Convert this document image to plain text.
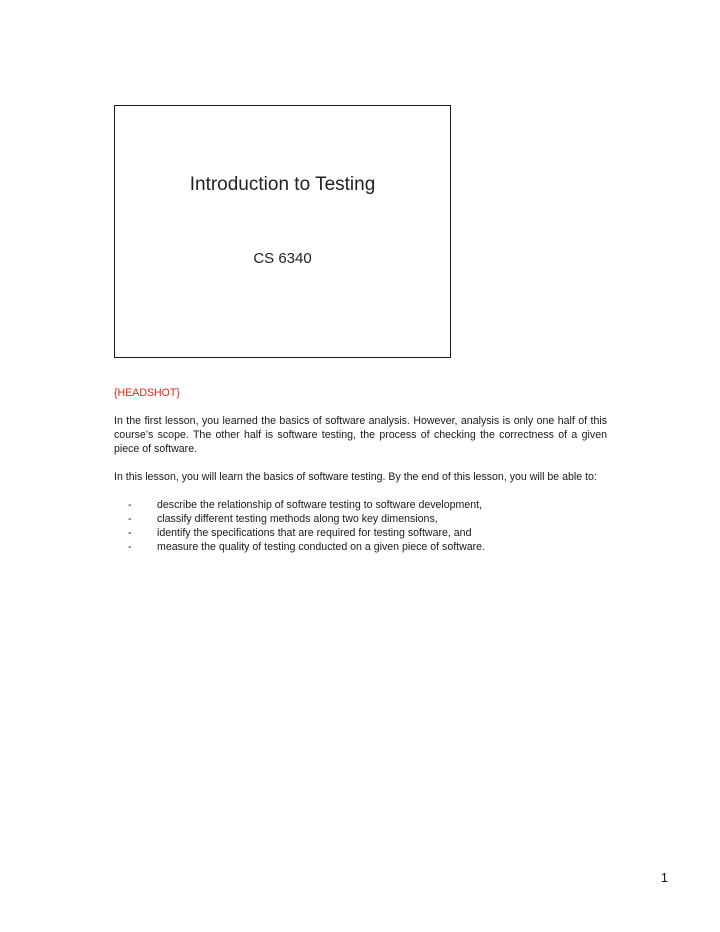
Introduction to Testing
CS 6340

{HEADSHOT}

In the first lesson, you learned the basics of software analysis. However, analysis is only one half of this course’s scope. The other half is software testing, the process of checking the correctness of a given piece of software.

In this lesson, you will learn the basics of software testing. By the end of this lesson, you will be able to:

- describe the relationship of software testing to software development,
- classify different testing methods along two key dimensions,
- identify the specifications that are required for testing software, and
- measure the quality of testing conducted on a given piece of software.
1
